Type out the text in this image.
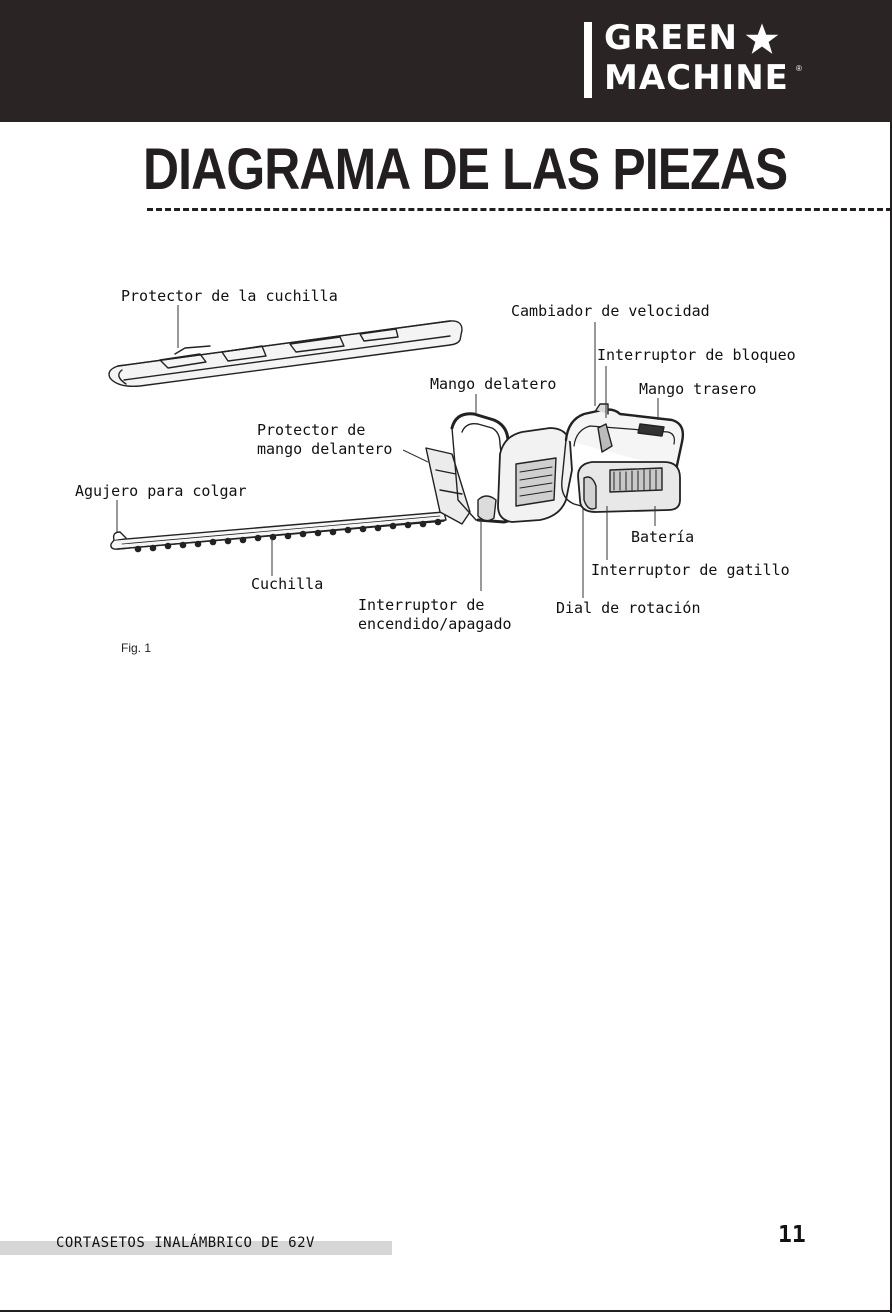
GREEN
MACHINE ®
DIAGRAMA DE LAS PIEZAS
Protector de la cuchilla
Cambiador de velocidad
Interruptor de bloqueo
Mango delatero	Mango trasero
Protector de
mango delantero
Agujero para colgar
Batería
Interruptor de gatillo
Cuchilla
Interruptor de
encendido/apagado
Dial de rotación
Fig. 1
CORTASETOS INALÁMBRICO DE 62V	11
